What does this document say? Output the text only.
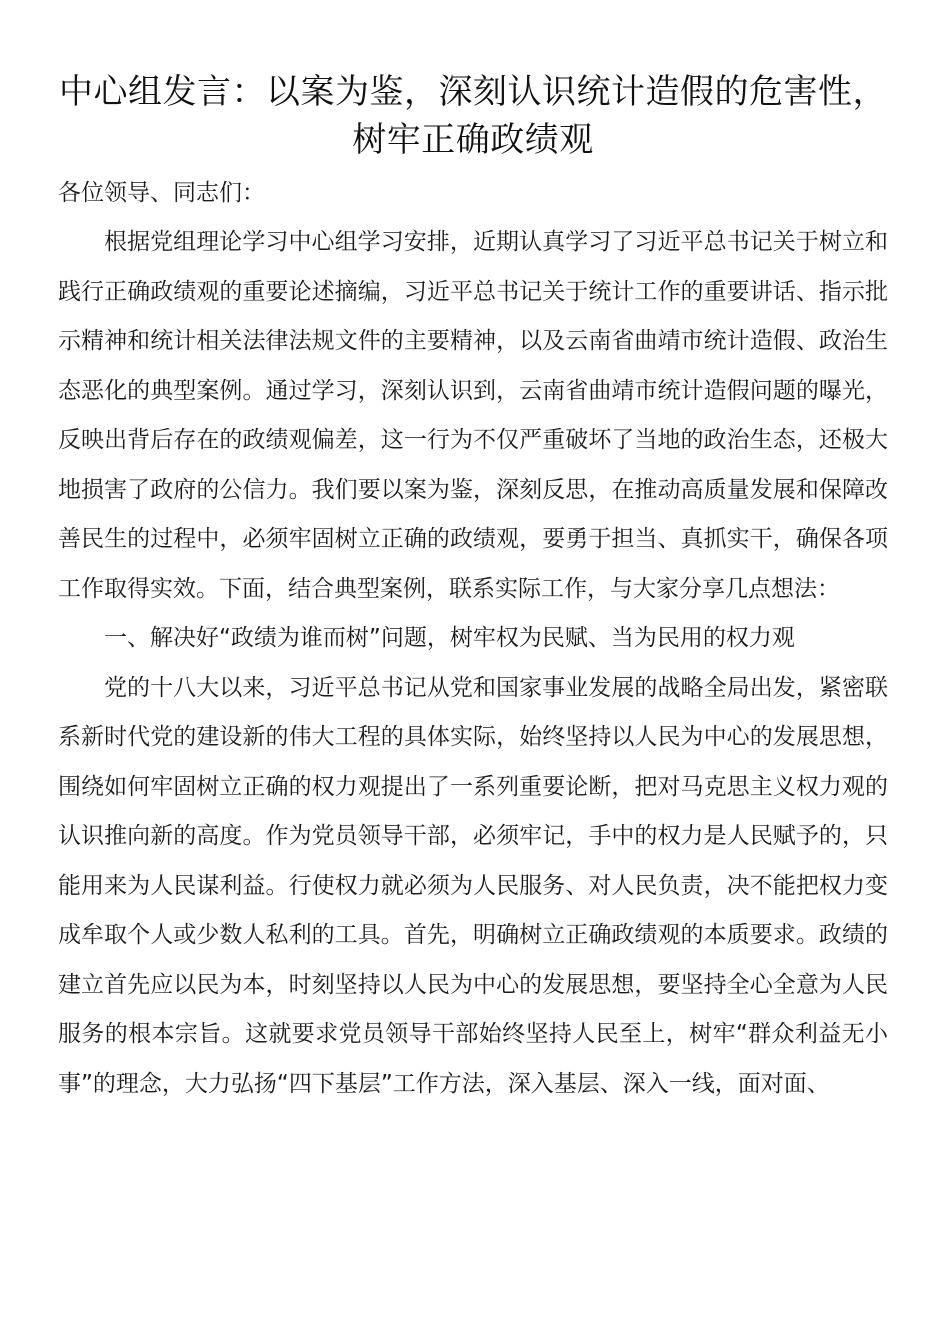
中心组发言：以案为鉴，深刻认识统计造假的危害性，树牢正确政绩观

各位领导、同志们：

根据党组理论学习中心组学习安排，近期认真学习了习近平总书记关于树立和践行正确政绩观的重要论述摘编，习近平总书记关于统计工作的重要讲话、指示批示精神和统计相关法律法规文件的主要精神，以及云南省曲靖市统计造假、政治生态恶化的典型案例。通过学习，深刻认识到，云南省曲靖市统计造假问题的曝光，反映出背后存在的政绩观偏差，这一行为不仅严重破坏了当地的政治生态，还极大地损害了政府的公信力。我们要以案为鉴，深刻反思，在推动高质量发展和保障改善民生的过程中，必须牢固树立正确的政绩观，要勇于担当、真抓实干，确保各项工作取得实效。下面，结合典型案例，联系实际工作，与大家分享几点想法：

一、解决好“政绩为谁而树”问题，树牢权为民赋、当为民用的权力观

党的十八大以来，习近平总书记从党和国家事业发展的战略全局出发，紧密联系新时代党的建设新的伟大工程的具体实际，始终坚持以人民为中心的发展思想，围绕如何牢固树立正确的权力观提出了一系列重要论断，把对马克思主义权力观的认识推向新的高度。作为党员领导干部，必须牢记，手中的权力是人民赋予的，只能用来为人民谋利益。行使权力就必须为人民服务、对人民负责，决不能把权力变成牟取个人或少数人私利的工具。首先，明确树立正确政绩观的本质要求。政绩的建立首先应以民为本，时刻坚持以人民为中心的发展思想，要坚持全心全意为人民服务的根本宗旨。这就要求党员领导干部始终坚持人民至上，树牢“群众利益无小事”的理念，大力弘扬“四下基层”工作方法，深入基层、深入一线，面对面、
